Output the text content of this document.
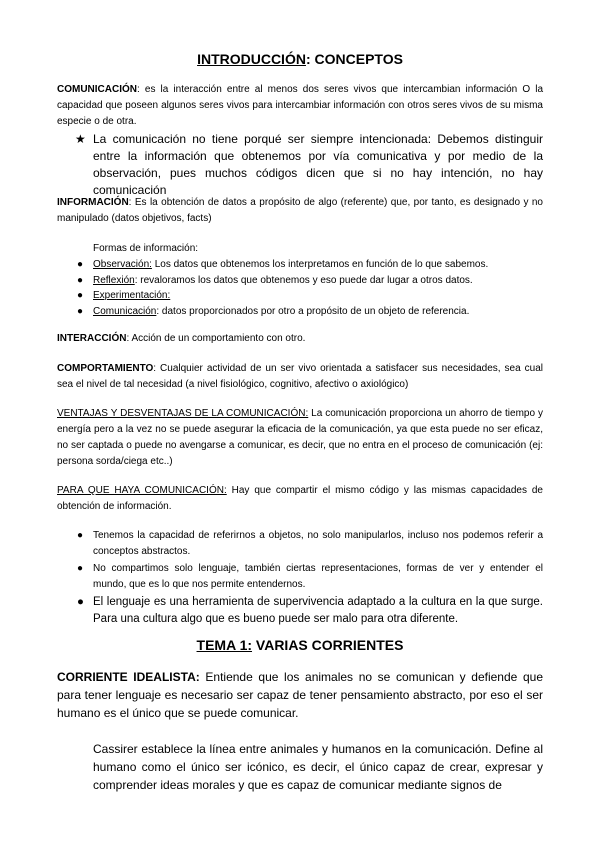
INTRODUCCIÓN: CONCEPTOS
COMUNICACIÓN: es la interacción entre al menos dos seres vivos que intercambian información O la capacidad que poseen algunos seres vivos para intercambiar información con otros seres vivos de su misma especie o de otra.
★ La comunicación no tiene porqué ser siempre intencionada: Debemos distinguir entre la información que obtenemos por vía comunicativa y por medio de la observación, pues muchos códigos dicen que si no hay intención, no hay comunicación
INFORMACIÓN: Es la obtención de datos a propósito de algo (referente) que, por tanto, es designado y no manipulado (datos objetivos, facts)
Formas de información:
● Observación: Los datos que obtenemos los interpretamos en función de lo que sabemos.
● Reflexión: revaloramos los datos que obtenemos y eso puede dar lugar a otros datos.
● Experimentación:
● Comunicación: datos proporcionados por otro a propósito de un objeto de referencia.
INTERACCIÓN: Acción de un comportamiento con otro.
COMPORTAMIENTO: Cualquier actividad de un ser vivo orientada a satisfacer sus necesidades, sea cual sea el nivel de tal necesidad (a nivel fisiológico, cognitivo, afectivo o axiológico)
VENTAJAS Y DESVENTAJAS DE LA COMUNICACIÓN: La comunicación proporciona un ahorro de tiempo y energía pero a la vez no se puede asegurar la eficacia de la comunicación, ya que esta puede no ser eficaz, no ser captada o puede no avengarse a comunicar, es decir, que no entra en el proceso de comunicación (ej: persona sorda/ciega etc..)
PARA QUE HAYA COMUNICACIÓN: Hay que compartir el mismo código y las mismas capacidades de obtención de información.
● Tenemos la capacidad de referirnos a objetos, no solo manipularlos, incluso nos podemos referir a conceptos abstractos.
● No compartimos solo lenguaje, también ciertas representaciones, formas de ver y entender el mundo, que es lo que nos permite entendernos.
● El lenguaje es una herramienta de supervivencia adaptado a la cultura en la que surge. Para una cultura algo que es bueno puede ser malo para otra diferente.
TEMA 1: VARIAS CORRIENTES
CORRIENTE IDEALISTA: Entiende que los animales no se comunican y defiende que para tener lenguaje es necesario ser capaz de tener pensamiento abstracto, por eso el ser humano es el único que se puede comunicar.
Cassirer establece la línea entre animales y humanos en la comunicación. Define al humano como el único ser icónico, es decir, el único capaz de crear, expresar y comprender ideas morales y que es capaz de comunicar mediante signos de
